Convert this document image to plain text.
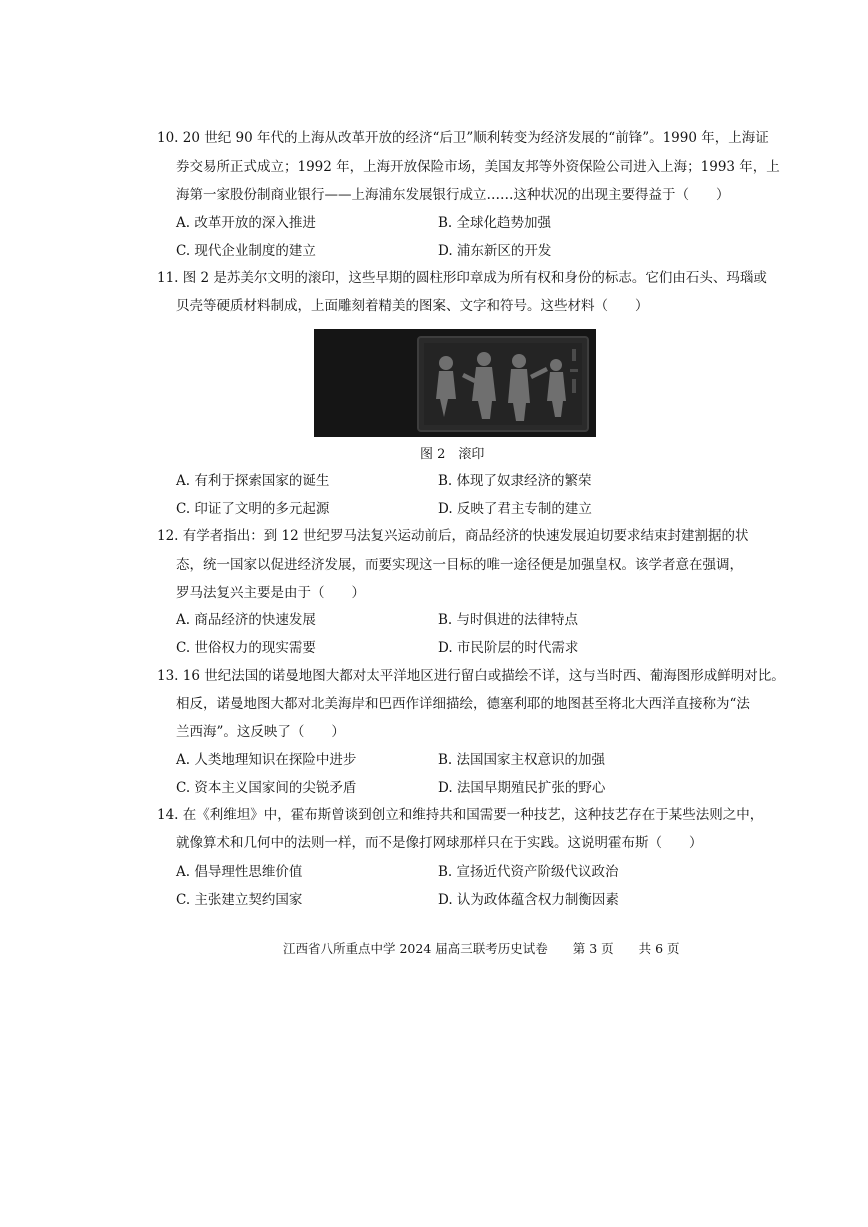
10. 20 世纪 90 年代的上海从改革开放的经济“后卫”顺利转变为经济发展的“前锋”。1990 年，上海证
券交易所正式成立；1992 年，上海开放保险市场，美国友邦等外资保险公司进入上海；1993 年，上
海第一家股份制商业银行——上海浦东发展银行成立……这种状况的出现主要得益于（　　）
A. 改革开放的深入推进	B. 全球化趋势加强
C. 现代企业制度的建立	D. 浦东新区的开发
11. 图 2 是苏美尔文明的滚印，这些早期的圆柱形印章成为所有权和身份的标志。它们由石头、玛瑙或
贝壳等硬质材料制成，上面雕刻着精美的图案、文字和符号。这些材料（　　）
图 2　滚印
A. 有利于探索国家的诞生	B. 体现了奴隶经济的繁荣
C. 印证了文明的多元起源	D. 反映了君主专制的建立
12. 有学者指出：到 12 世纪罗马法复兴运动前后，商品经济的快速发展迫切要求结束封建割据的状
态，统一国家以促进经济发展，而要实现这一目标的唯一途径便是加强皇权。该学者意在强调，
罗马法复兴主要是由于（　　）
A. 商品经济的快速发展	B. 与时俱进的法律特点
C. 世俗权力的现实需要	D. 市民阶层的时代需求
13. 16 世纪法国的诺曼地图大都对太平洋地区进行留白或描绘不详，这与当时西、葡海图形成鲜明对比。
相反，诺曼地图大都对北美海岸和巴西作详细描绘，德塞利耶的地图甚至将北大西洋直接称为“法
兰西海”。这反映了（　　）
A. 人类地理知识在探险中进步	B. 法国国家主权意识的加强
C. 资本主义国家间的尖锐矛盾	D. 法国早期殖民扩张的野心
14. 在《利维坦》中，霍布斯曾谈到创立和维持共和国需要一种技艺，这种技艺存在于某些法则之中，
就像算术和几何中的法则一样，而不是像打网球那样只在于实践。这说明霍布斯（　　）
A. 倡导理性思维价值	B. 宣扬近代资产阶级代议政治
C. 主张建立契约国家	D. 认为政体蕴含权力制衡因素
江西省八所重点中学 2024 届高三联考历史试卷　　第 3 页　　共 6 页
